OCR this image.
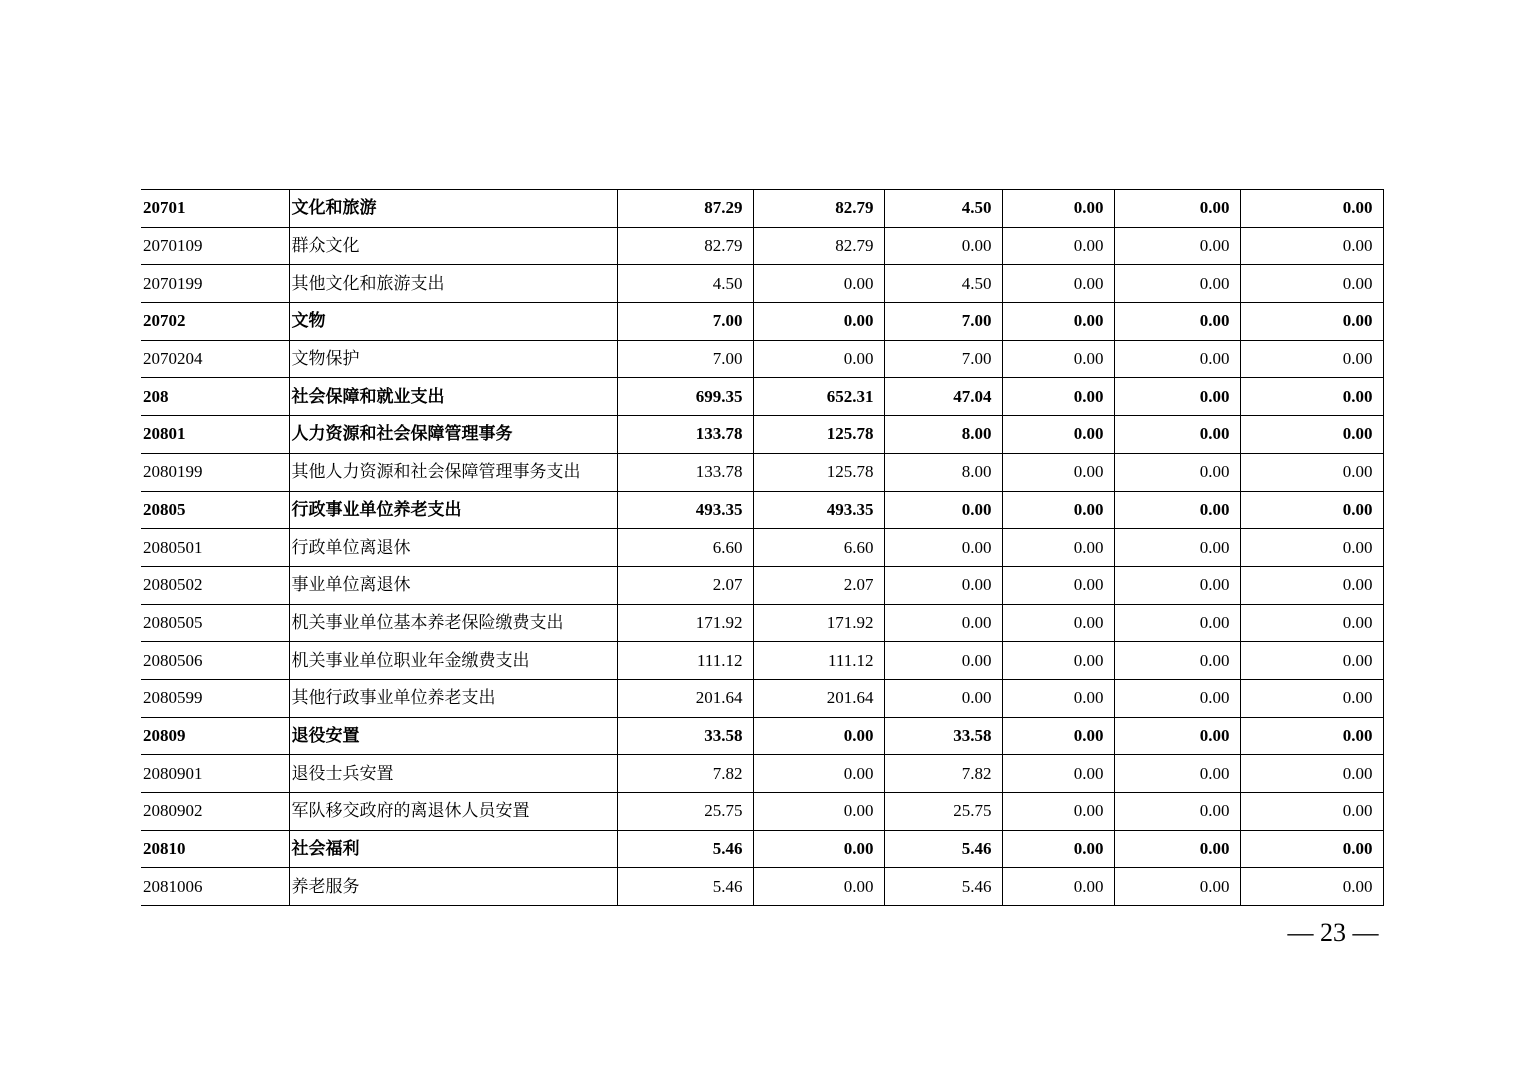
20701	文化和旅游	87.29	82.79	4.50	0.00	0.00	0.00
2070109	群众文化	82.79	82.79	0.00	0.00	0.00	0.00
2070199	其他文化和旅游支出	4.50	0.00	4.50	0.00	0.00	0.00
20702	文物	7.00	0.00	7.00	0.00	0.00	0.00
2070204	文物保护	7.00	0.00	7.00	0.00	0.00	0.00
208	社会保障和就业支出	699.35	652.31	47.04	0.00	0.00	0.00
20801	人力资源和社会保障管理事务	133.78	125.78	8.00	0.00	0.00	0.00
2080199	其他人力资源和社会保障管理事务支出	133.78	125.78	8.00	0.00	0.00	0.00
20805	行政事业单位养老支出	493.35	493.35	0.00	0.00	0.00	0.00
2080501	行政单位离退休	6.60	6.60	0.00	0.00	0.00	0.00
2080502	事业单位离退休	2.07	2.07	0.00	0.00	0.00	0.00
2080505	机关事业单位基本养老保险缴费支出	171.92	171.92	0.00	0.00	0.00	0.00
2080506	机关事业单位职业年金缴费支出	111.12	111.12	0.00	0.00	0.00	0.00
2080599	其他行政事业单位养老支出	201.64	201.64	0.00	0.00	0.00	0.00
20809	退役安置	33.58	0.00	33.58	0.00	0.00	0.00
2080901	退役士兵安置	7.82	0.00	7.82	0.00	0.00	0.00
2080902	军队移交政府的离退休人员安置	25.75	0.00	25.75	0.00	0.00	0.00
20810	社会福利	5.46	0.00	5.46	0.00	0.00	0.00
2081006	养老服务	5.46	0.00	5.46	0.00	0.00	0.00
— 23 —
